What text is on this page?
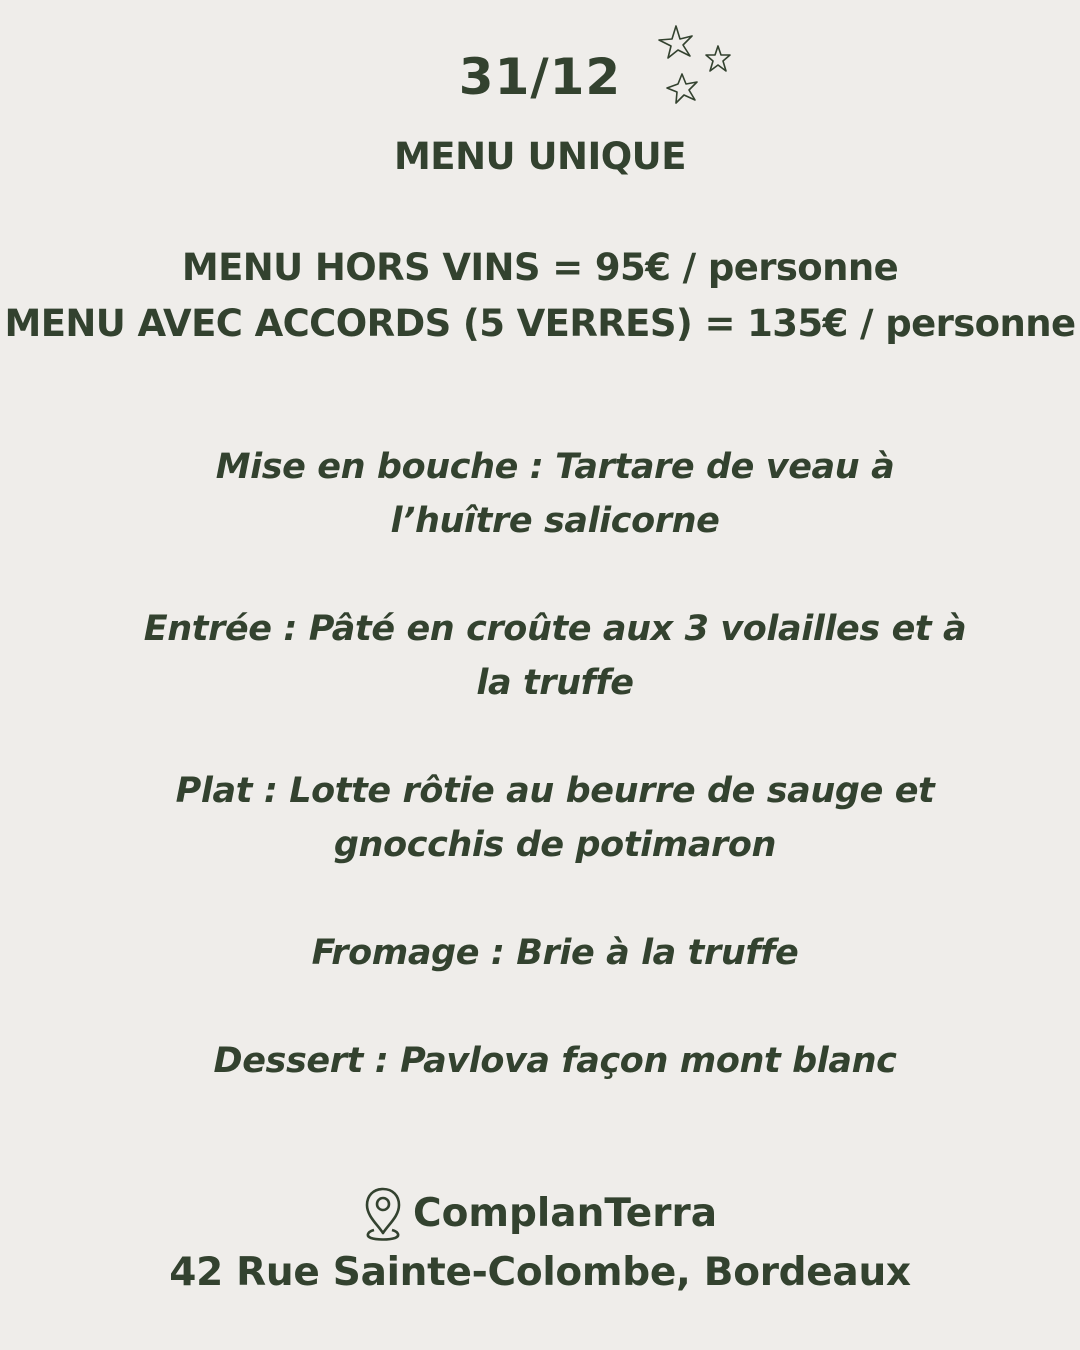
31/12
MENU UNIQUE
MENU HORS VINS = 95€ / personne
MENU AVEC ACCORDS (5 VERRES) = 135€ / personne
Mise en bouche : Tartare de veau à
l’huître salicorne
Entrée : Pâté en croûte aux 3 volailles et à
la truffe
Plat : Lotte rôtie au beurre de sauge et
gnocchis de potimaron
Fromage : Brie à la truffe
Dessert : Pavlova façon mont blanc
ComplanTerra
42 Rue Sainte-Colombe, Bordeaux
